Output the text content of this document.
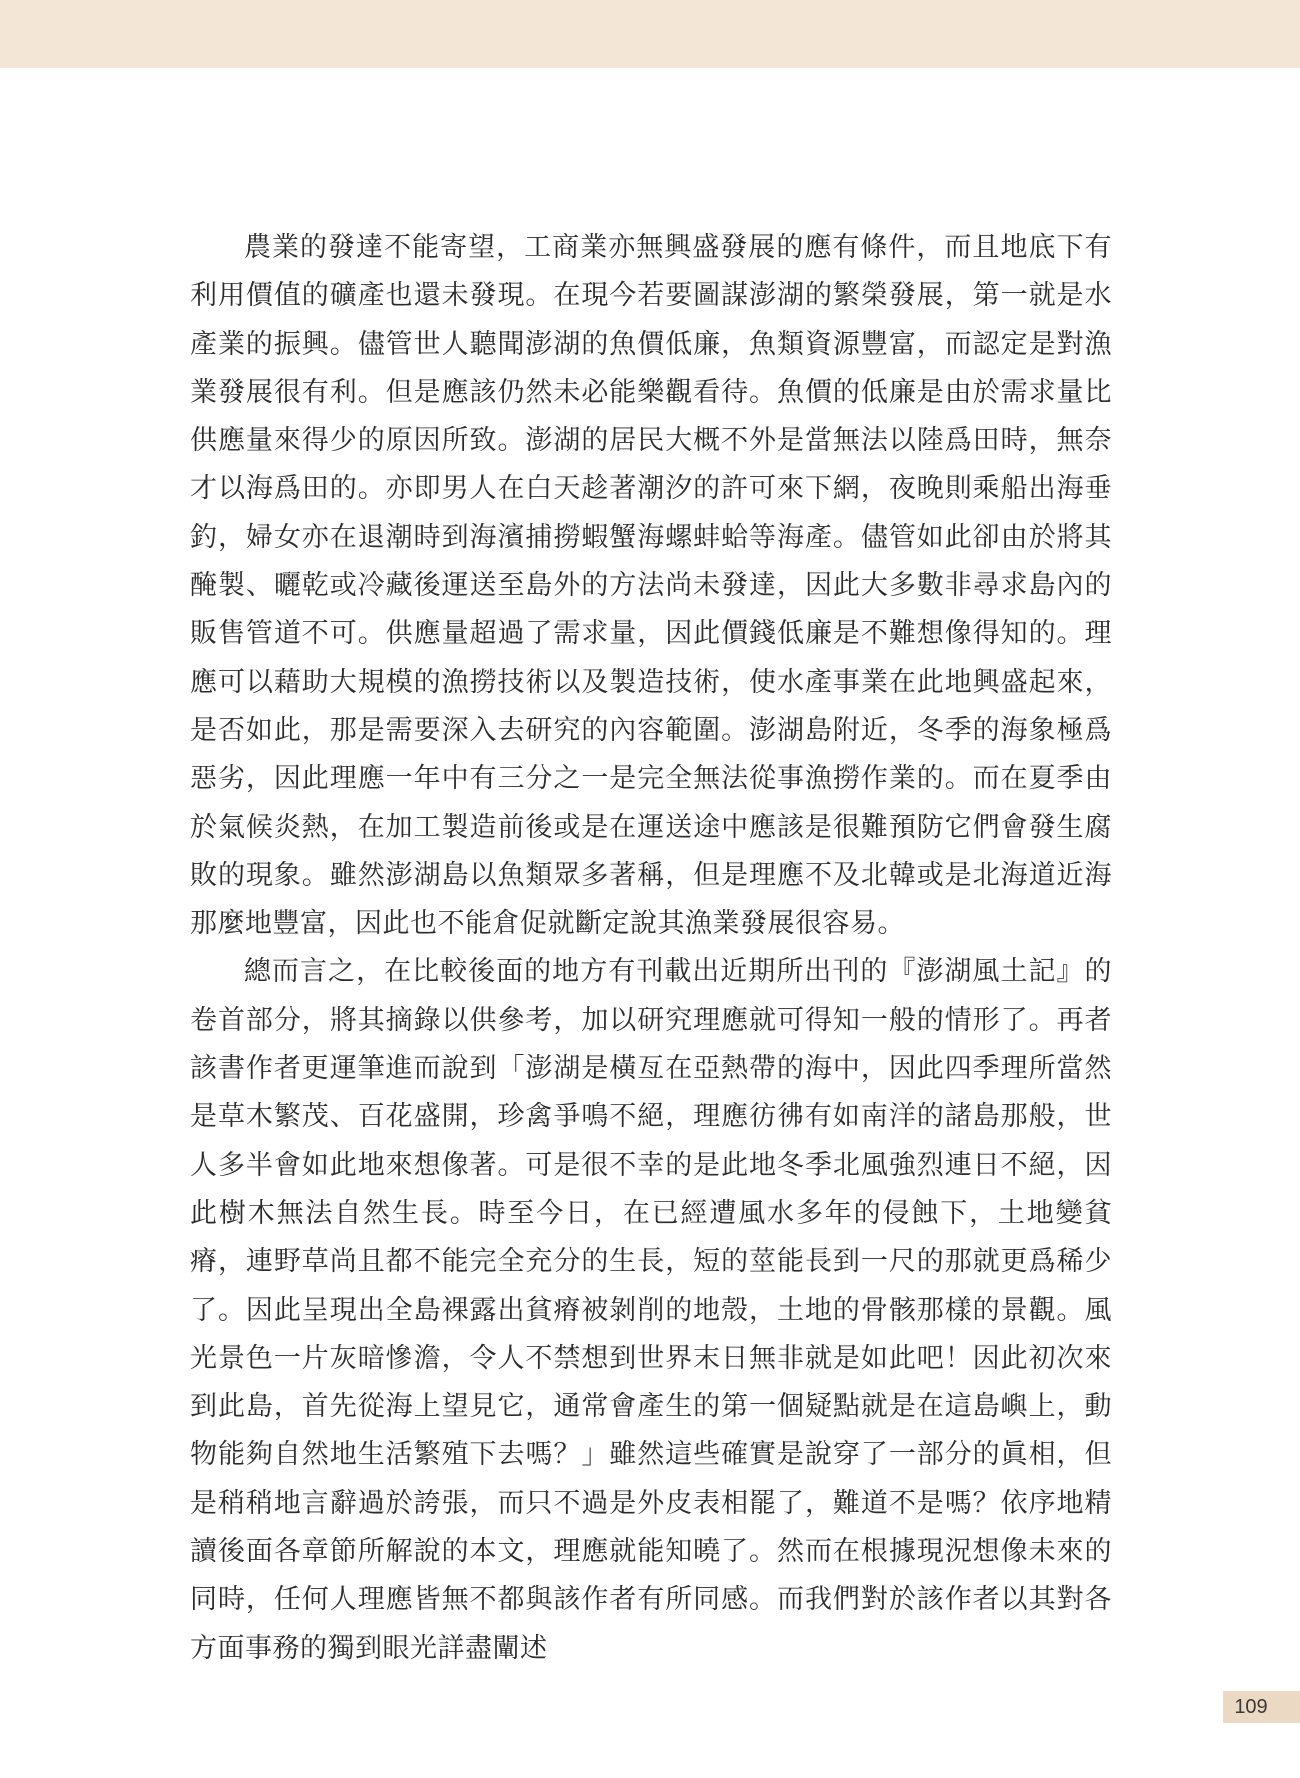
農業的發達不能寄望，工商業亦無興盛發展的應有條件，而且地底下有利用價值的礦產也還未發現。在現今若要圖謀澎湖的繁榮發展，第一就是水產業的振興。儘管世人聽聞澎湖的魚價低廉，魚類資源豐富，而認定是對漁業發展很有利。但是應該仍然未必能樂觀看待。魚價的低廉是由於需求量比供應量來得少的原因所致。澎湖的居民大概不外是當無法以陸爲田時，無奈才以海爲田的。亦即男人在白天趁著潮汐的許可來下網，夜晚則乘船出海垂釣，婦女亦在退潮時到海濱捕撈蝦蟹海螺蚌蛤等海產。儘管如此卻由於將其醃製、曬乾或冷藏後運送至島外的方法尚未發達，因此大多數非尋求島內的販售管道不可。供應量超過了需求量，因此價錢低廉是不難想像得知的。理應可以藉助大規模的漁撈技術以及製造技術，使水產事業在此地興盛起來，是否如此，那是需要深入去研究的內容範圍。澎湖島附近，冬季的海象極爲惡劣，因此理應一年中有三分之一是完全無法從事漁撈作業的。而在夏季由於氣候炎熱，在加工製造前後或是在運送途中應該是很難預防它們會發生腐敗的現象。雖然澎湖島以魚類眾多著稱，但是理應不及北韓或是北海道近海那麼地豐富，因此也不能倉促就斷定說其漁業發展很容易。

總而言之，在比較後面的地方有刊載出近期所出刊的『澎湖風土記』的卷首部分，將其摘錄以供參考，加以研究理應就可得知一般的情形了。再者該書作者更運筆進而說到「澎湖是橫亙在亞熱帶的海中，因此四季理所當然是草木繁茂、百花盛開，珍禽爭鳴不絕，理應彷彿有如南洋的諸島那般，世人多半會如此地來想像著。可是很不幸的是此地冬季北風強烈連日不絕，因此樹木無法自然生長。時至今日，在已經遭風水多年的侵蝕下，土地變貧瘠，連野草尚且都不能完全充分的生長，短的莖能長到一尺的那就更爲稀少了。因此呈現出全島裸露出貧瘠被剝削的地殼，土地的骨骸那樣的景觀。風光景色一片灰暗慘澹，令人不禁想到世界末日無非就是如此吧！因此初次來到此島，首先從海上望見它，通常會產生的第一個疑點就是在這島嶼上，動物能夠自然地生活繁殖下去嗎？」雖然這些確實是說穿了一部分的眞相，但是稍稍地言辭過於誇張，而只不過是外皮表相罷了，難道不是嗎？依序地精讀後面各章節所解說的本文，理應就能知曉了。然而在根據現況想像未來的同時，任何人理應皆無不都與該作者有所同感。而我們對於該作者以其對各方面事務的獨到眼光詳盡闡述

109
